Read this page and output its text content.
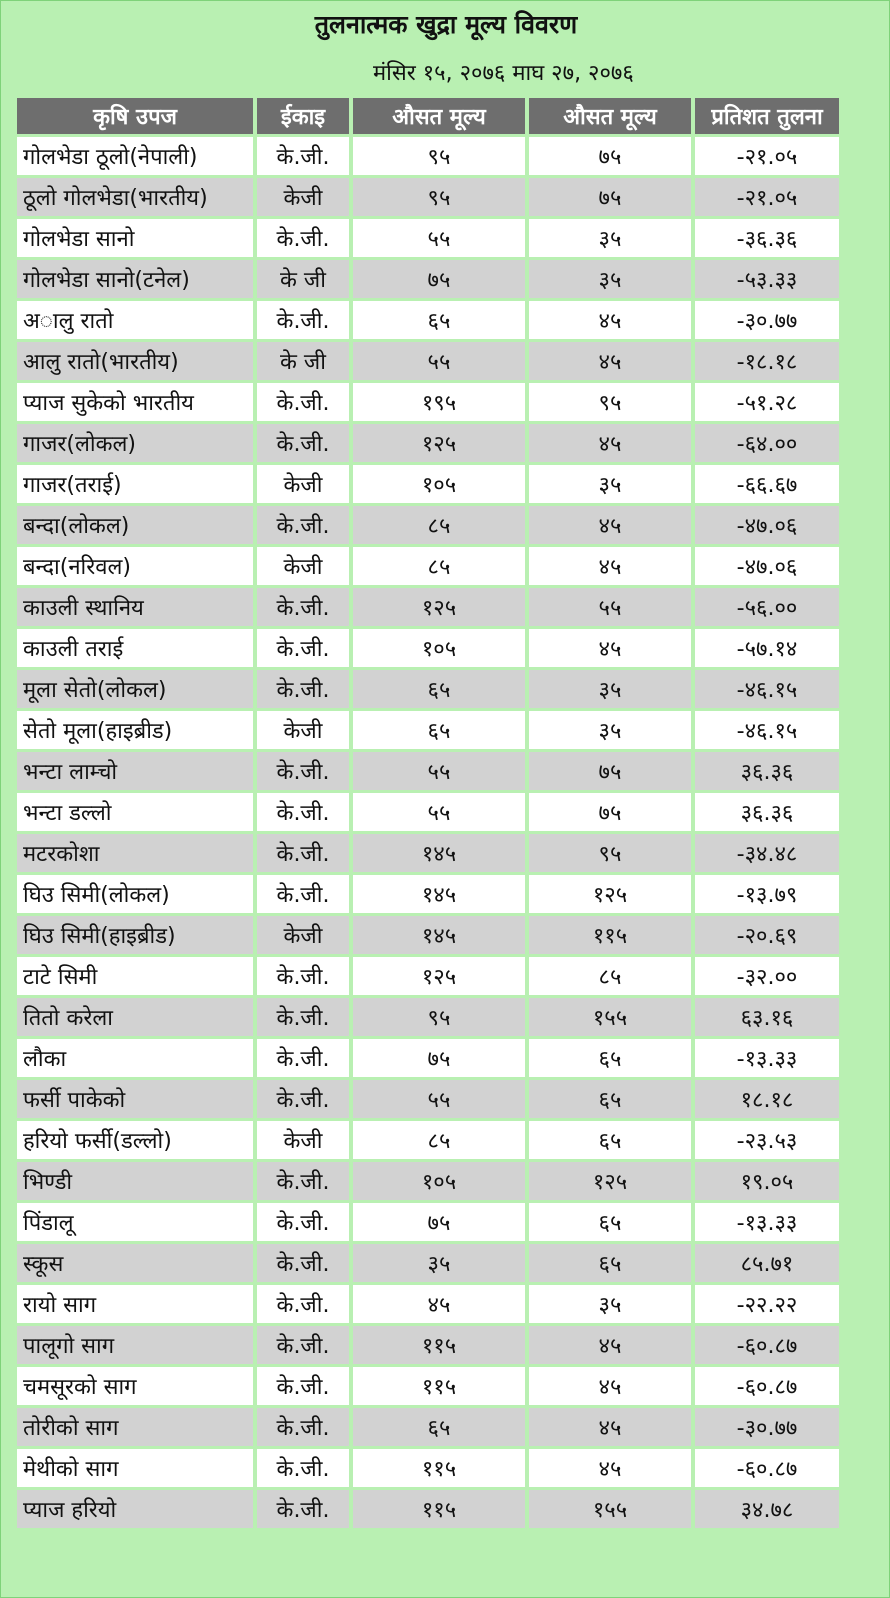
तुलनात्मक खुद्रा मूल्य विवरण
मंसिर १५, २०७६ माघ २७, २०७६
कृषि उपज	ईकाइ	औसत मूल्य	औसत मूल्य	प्रतिशत तुलना
गोलभेडा ठूलो(नेपाली)	के.जी.	९५	७५	-२१.०५
ठूलो गोलभेडा(भारतीय)	केजी	९५	७५	-२१.०५
गोलभेडा सानो	के.जी.	५५	३५	-३६.३६
गोलभेडा सानो(टनेल)	के जी	७५	३५	-५३.३३
अालु रातो	के.जी.	६५	४५	-३०.७७
आलु रातो(भारतीय)	के जी	५५	४५	-१८.१८
प्याज सुकेको भारतीय	के.जी.	१९५	९५	-५१.२८
गाजर(लोकल)	के.जी.	१२५	४५	-६४.००
गाजर(तराई)	केजी	१०५	३५	-६६.६७
बन्दा(लोकल)	के.जी.	८५	४५	-४७.०६
बन्दा(नरिवल)	केजी	८५	४५	-४७.०६
काउली स्थानिय	के.जी.	१२५	५५	-५६.००
काउली तराई	के.जी.	१०५	४५	-५७.१४
मूला सेतो(लोकल)	के.जी.	६५	३५	-४६.१५
सेतो मूला(हाइब्रीड)	केजी	६५	३५	-४६.१५
भन्टा लाम्चो	के.जी.	५५	७५	३६.३६
भन्टा डल्लो	के.जी.	५५	७५	३६.३६
मटरकोशा	के.जी.	१४५	९५	-३४.४८
घिउ सिमी(लोकल)	के.जी.	१४५	१२५	-१३.७९
घिउ सिमी(हाइब्रीड)	केजी	१४५	११५	-२०.६९
टाटे सिमी	के.जी.	१२५	८५	-३२.००
तितो करेला	के.जी.	९५	१५५	६३.१६
लौका	के.जी.	७५	६५	-१३.३३
फर्सी पाकेको	के.जी.	५५	६५	१८.१८
हरियो फर्सी(डल्लो)	केजी	८५	६५	-२३.५३
भिण्डी	के.जी.	१०५	१२५	१९.०५
पिंडालू	के.जी.	७५	६५	-१३.३३
स्कूस	के.जी.	३५	६५	८५.७१
रायो साग	के.जी.	४५	३५	-२२.२२
पालूगो साग	के.जी.	११५	४५	-६०.८७
चमसूरको साग	के.जी.	११५	४५	-६०.८७
तोरीको साग	के.जी.	६५	४५	-३०.७७
मेथीको साग	के.जी.	११५	४५	-६०.८७
प्याज हरियो	के.जी.	११५	१५५	३४.७८
